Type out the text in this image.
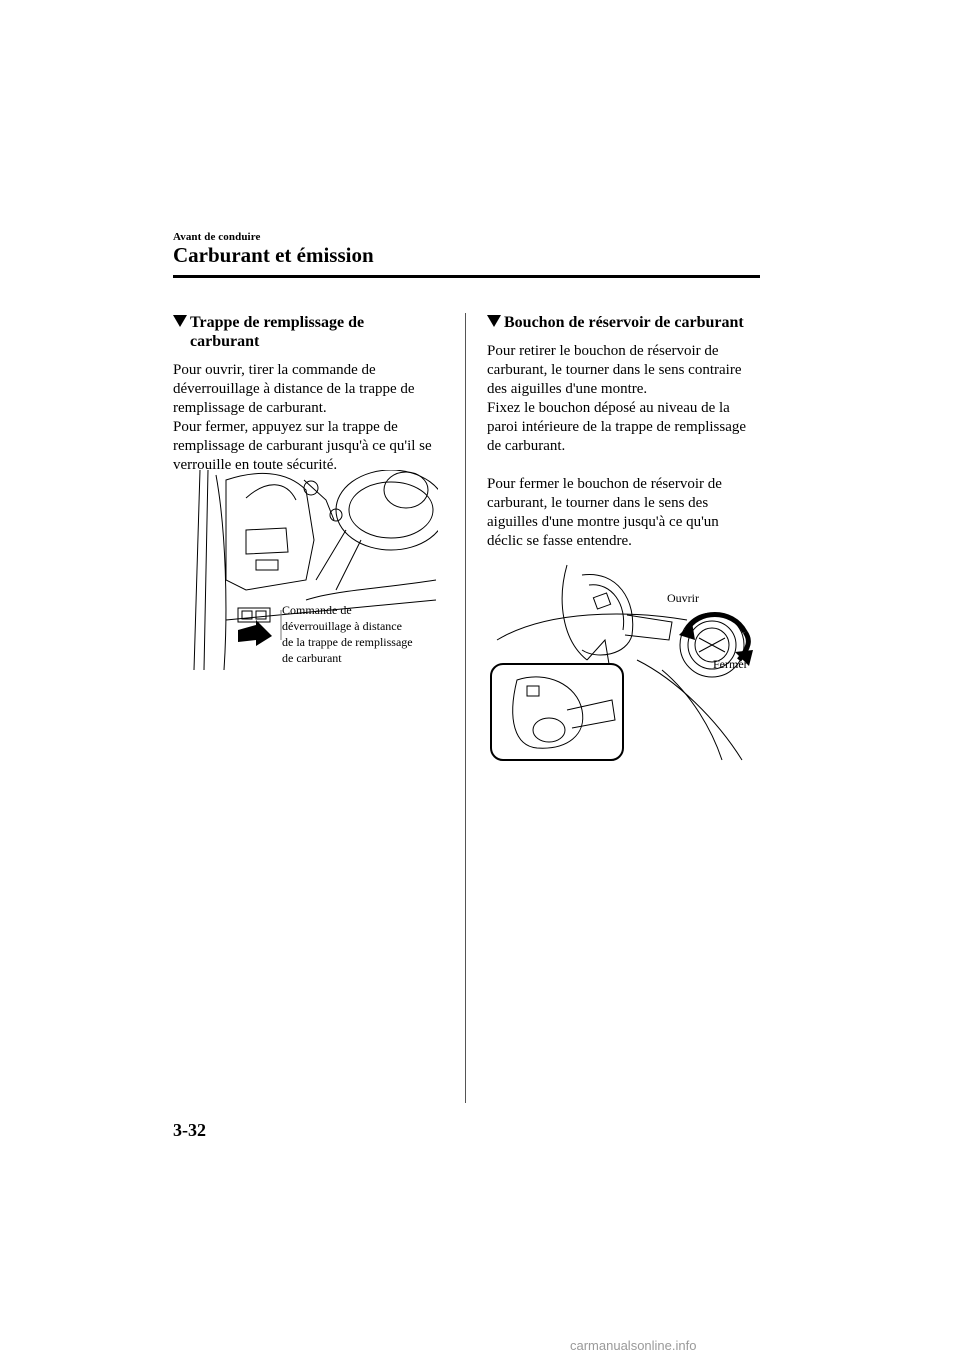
Avant de conduire
Carburant et émission
Trappe de remplissage de
carburant
Pour ouvrir, tirer la commande de
déverrouillage à distance de la trappe de
remplissage de carburant.
Pour fermer, appuyez sur la trappe de
remplissage de carburant jusqu'à ce qu'il se
verrouille en toute sécurité.
Commande de
déverrouillage à distance
de la trappe de remplissage
de carburant
Bouchon de réservoir de carburant
Pour retirer le bouchon de réservoir de
carburant, le tourner dans le sens contraire
des aiguilles d'une montre.
Fixez le bouchon déposé au niveau de la
paroi intérieure de la trappe de remplissage
de carburant.
Pour fermer le bouchon de réservoir de
carburant, le tourner dans le sens des
aiguilles d'une montre jusqu'à ce qu'un
déclic se fasse entendre.
Ouvrir
Fermer
3-32
carmanualsonline.info
